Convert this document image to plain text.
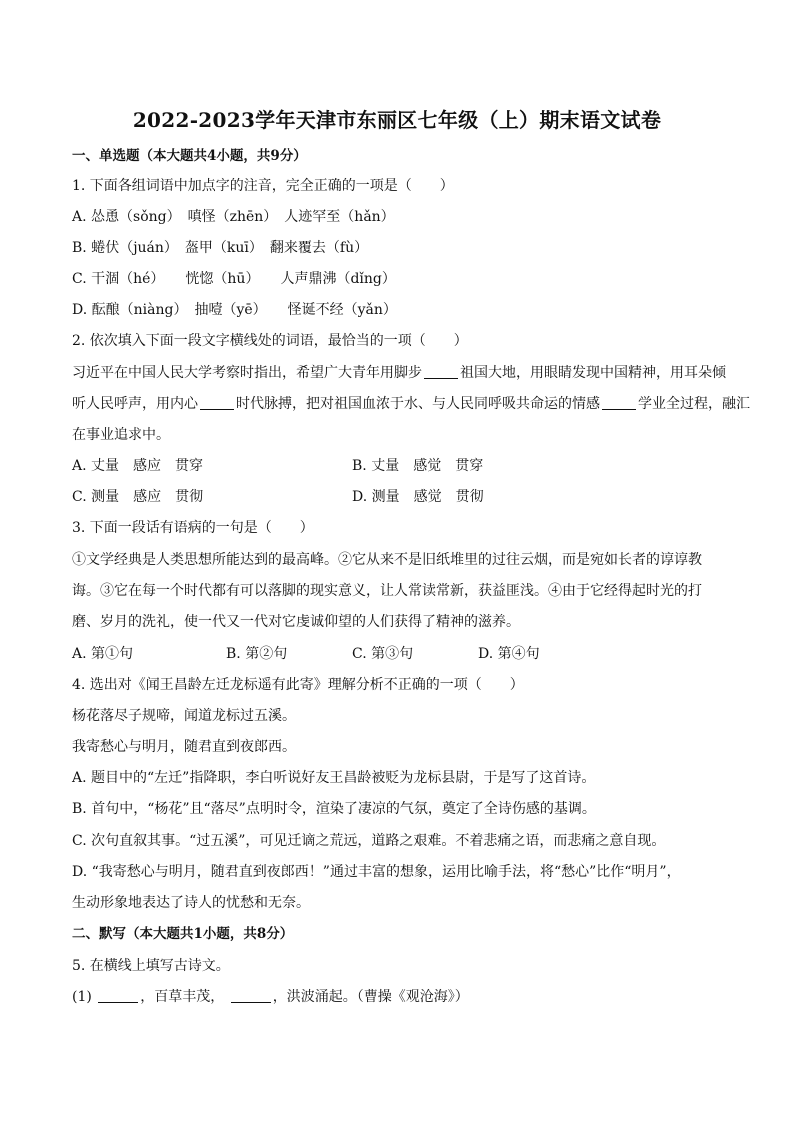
2022-2023学年天津市东丽区七年级（上）期末语文试卷
一、单选题（本大题共4小题，共9分）
1. 下面各组词语中加点字的注音，完全正确的一项是（　　）
A. 怂恿（sǒng）　嗔怪（zhēn）　人迹罕至（hǎn）
B. 蜷伏（juán）　盔甲（kuī）　翻来覆去（fù）
C. 干涸（hé）　　恍惚（hū）　　人声鼎沸（dǐng）
D. 酝酿（niàng）　抽噎（yē）　　怪诞不经（yǎn）
2. 依次填入下面一段文字横线处的词语，最恰当的一项（　　）
习近平在中国人民大学考察时指出，希望广大青年用脚步	祖国大地，用眼睛发现中国精神，用耳朵倾
听人民呼声，用内心	时代脉搏，把对祖国血浓于水、与人民同呼吸共命运的情感	学业全过程，融汇
在事业追求中。
A. 丈量　感应　贯穿	B. 丈量　感觉　贯穿
C. 测量　感应　贯彻	D. 测量　感觉　贯彻
3. 下面一段话有语病的一句是（　　）
①文学经典是人类思想所能达到的最高峰。②它从来不是旧纸堆里的过往云烟，而是宛如长者的谆谆教
诲。③它在每一个时代都有可以落脚的现实意义，让人常读常新，获益匪浅。④由于它经得起时光的打
磨、岁月的洗礼，使一代又一代对它虔诚仰望的人们获得了精神的滋养。
A. 第①句	B. 第②句	C. 第③句	D. 第④句
4. 选出对《闻王昌龄左迁龙标遥有此寄》理解分析不正确的一项（　　）
杨花落尽子规啼，闻道龙标过五溪。
我寄愁心与明月，随君直到夜郎西。
A. 题目中的“左迁”指降职，李白听说好友王昌龄被贬为龙标县尉，于是写了这首诗。
B. 首句中，“杨花”且“落尽”点明时令，渲染了凄凉的气氛，奠定了全诗伤感的基调。
C. 次句直叙其事。“过五溪”，可见迁谪之荒远，道路之艰难。不着悲痛之语，而悲痛之意自现。
D. “我寄愁心与明月，随君直到夜郎西！”通过丰富的想象，运用比喻手法，将“愁心”比作“明月”，
生动形象地表达了诗人的忧愁和无奈。
二、默写（本大题共1小题，共8分）
5. 在横线上填写古诗文。
(1)	，百草丰茂，	，洪波涌起。（曹操《观沧海》）
